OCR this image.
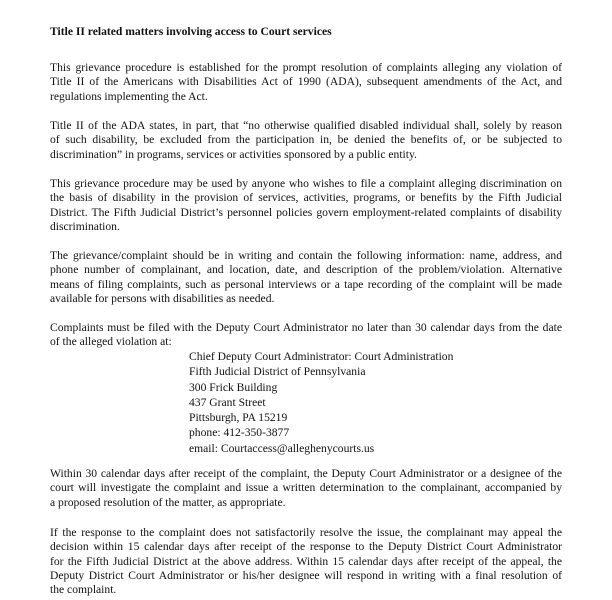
Title II related matters involving access to Court services
This grievance procedure is established for the prompt resolution of complaints alleging any violation of
Title II of the Americans with Disabilities Act of 1990 (ADA), subsequent amendments of the Act, and
regulations implementing the Act.
Title II of the ADA states, in part, that “no otherwise qualified disabled individual shall, solely by reason
of such disability, be excluded from the participation in, be denied the benefits of, or be subjected to
discrimination” in programs, services or activities sponsored by a public entity.
This grievance procedure may be used by anyone who wishes to file a complaint alleging discrimination on
the basis of disability in the provision of services, activities, programs, or benefits by the Fifth Judicial
District. The Fifth Judicial District’s personnel policies govern employment-related complaints of disability
discrimination.
The grievance/complaint should be in writing and contain the following information: name, address, and
phone number of complainant, and location, date, and description of the problem/violation. Alternative
means of filing complaints, such as personal interviews or a tape recording of the complaint will be made
available for persons with disabilities as needed.
Complaints must be filed with the Deputy Court Administrator no later than 30 calendar days from the date
of the alleged violation at:
Chief Deputy Court Administrator: Court Administration
Fifth Judicial District of Pennsylvania
300 Frick Building
437 Grant Street
Pittsburgh, PA 15219
phone: 412-350-3877
email: Courtaccess@alleghenycourts.us
Within 30 calendar days after receipt of the complaint, the Deputy Court Administrator or a designee of the
court will investigate the complaint and issue a written determination to the complainant, accompanied by
a proposed resolution of the matter, as appropriate.
If the response to the complaint does not satisfactorily resolve the issue, the complainant may appeal the
decision within 15 calendar days after receipt of the response to the Deputy District Court Administrator
for the Fifth Judicial District at the above address. Within 15 calendar days after receipt of the appeal, the
Deputy District Court Administrator or his/her designee will respond in writing with a final resolution of
the complaint.
